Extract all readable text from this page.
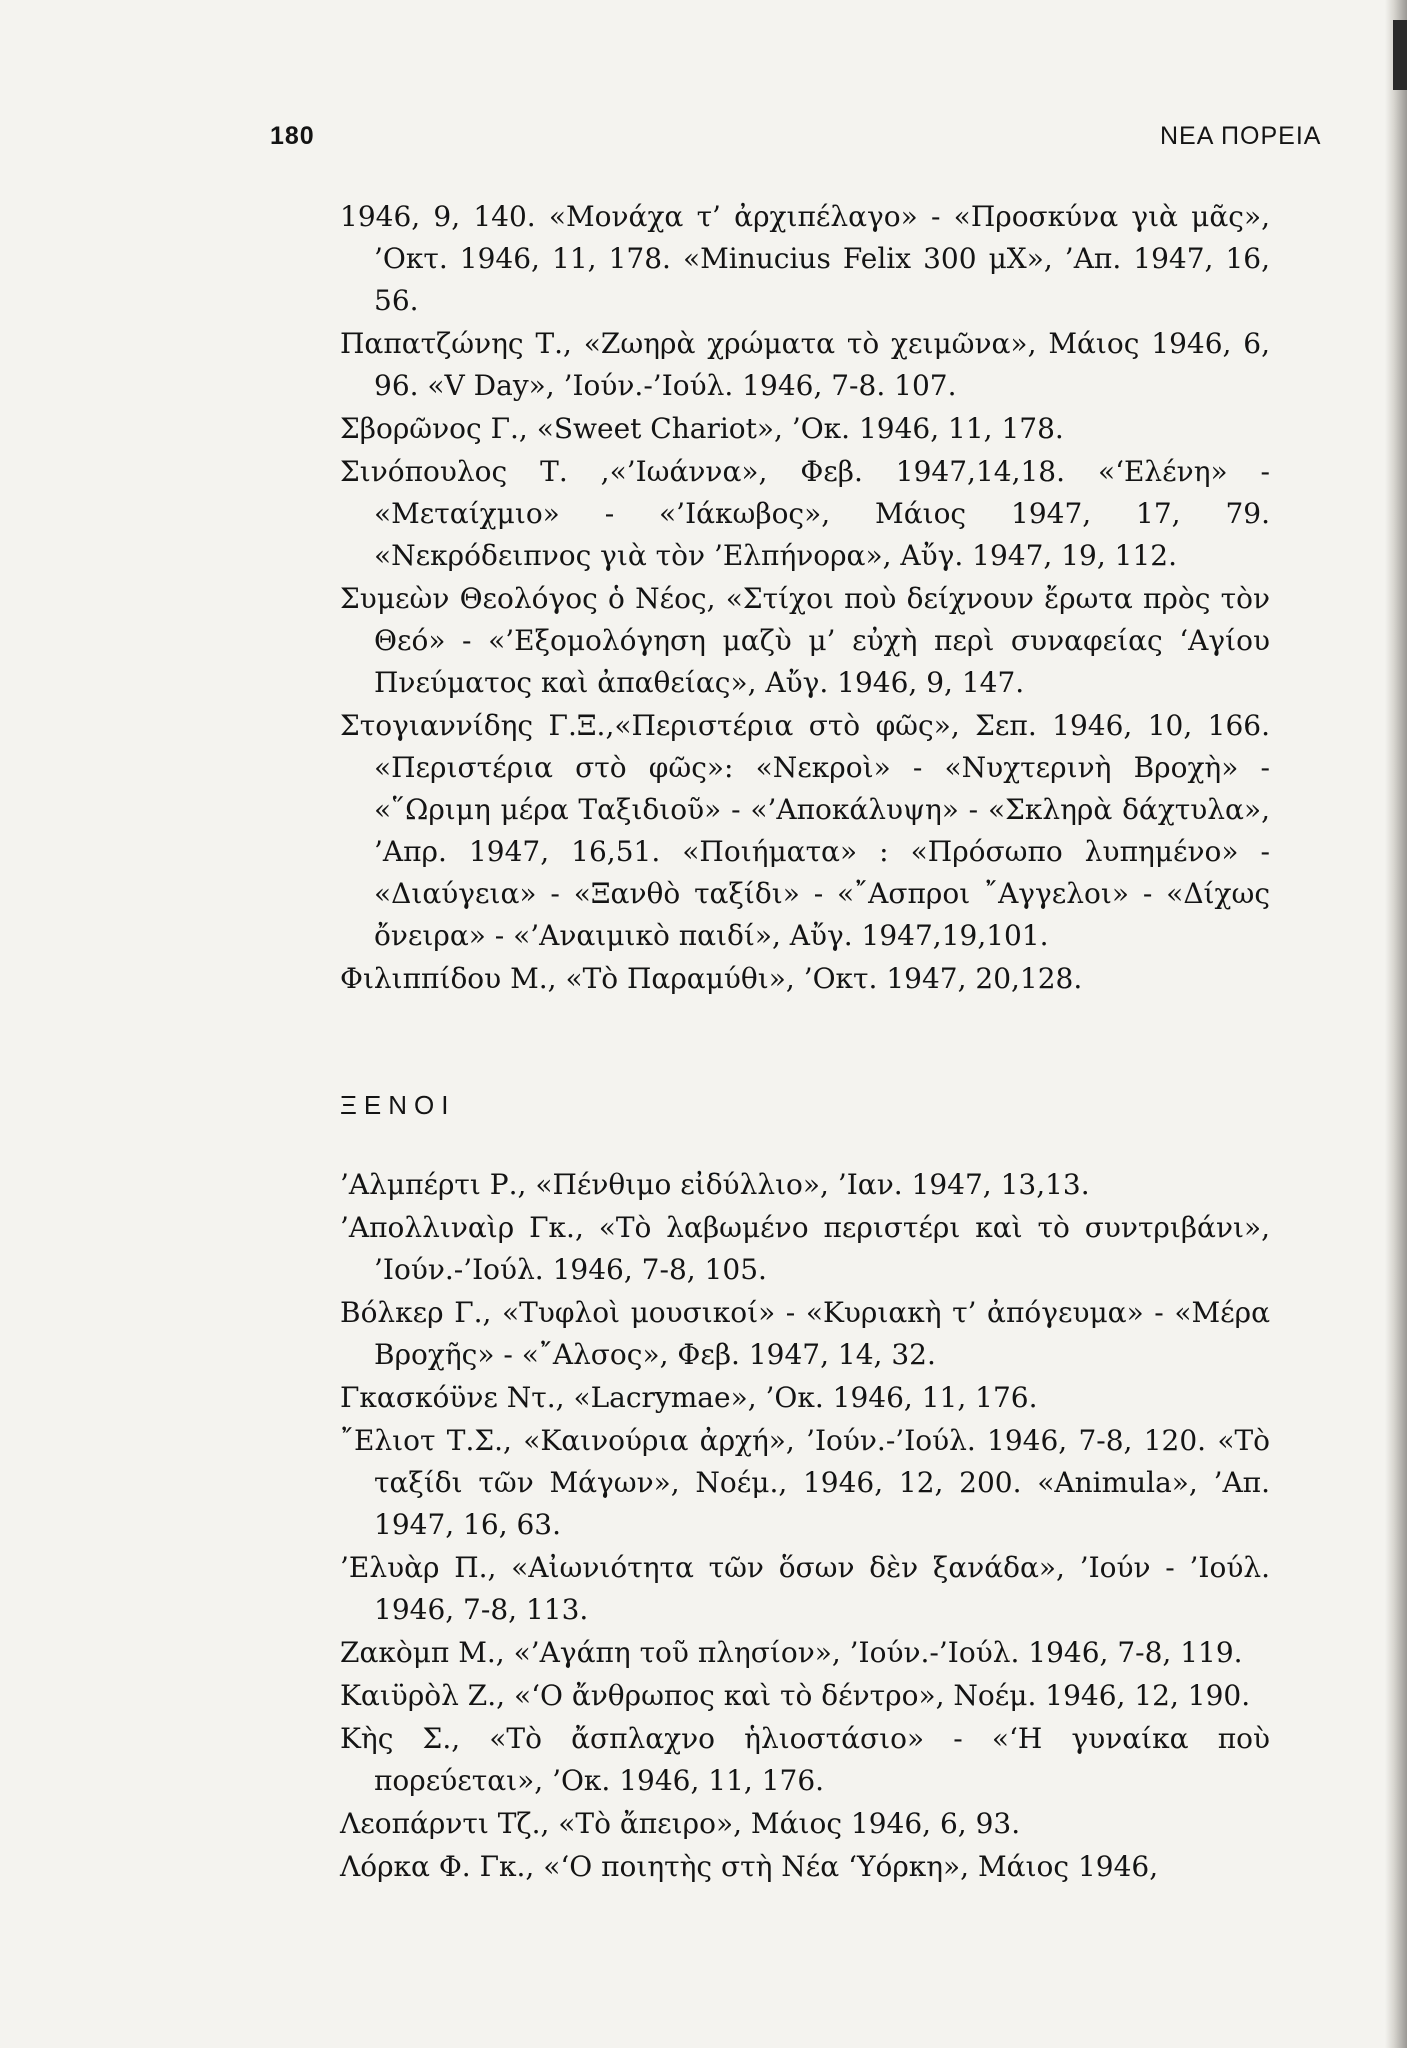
180	ΝΕΑ ΠΟΡΕΙΑ

1946, 9, 140. «Μονάχα τ’ ἀρχιπέλαγο» - «Προσκύνα γιὰ μᾶς», ’Οκτ. 1946, 11, 178. «Minucius Felix 300 μΧ», ’Απ. 1947, 16, 56.

Παπατζώνης Τ., «Ζωηρὰ χρώματα τὸ χειμῶνα», Μάιος 1946, 6, 96. «V Day», ’Ιούν.-’Ιούλ. 1946, 7-8. 107.

Σβορῶνος Γ., «Sweet Chariot», ’Οκ. 1946, 11, 178.

Σινόπουλος Τ. ,«’Ιωάννα», Φεβ. 1947,14,18. «‘Ελένη» - «Μεταίχμιο» - «’Ιάκωβος», Μάιος 1947, 17, 79. «Νεκρόδειπνος γιὰ τὸν ’Ελπήνορα», Αὔγ. 1947, 19, 112.

Συμεὼν Θεολόγος ὁ Νέος, «Στίχοι ποὺ δείχνουν ἔρωτα πρὸς τὸν Θεό» - «’Εξομολόγηση μαζὺ μ’ εὐχὴ περὶ συναφείας ‘Αγίου Πνεύματος καὶ ἀπαθείας», Αὔγ. 1946, 9, 147.

Στογιαννίδης Γ.Ξ.,«Περιστέρια στὸ φῶς», Σεπ. 1946, 10, 166. «Περιστέρια στὸ φῶς»: «Νεκροὶ» - «Νυχτερινὴ Βροχὴ» - «῞Ωριμη μέρα Ταξιδιοῦ» - «’Αποκάλυψη» - «Σκληρὰ δάχτυλα», ’Απρ. 1947, 16,51. «Ποιήματα» : «Πρόσωπο λυπημένο» - «Διαύγεια» - «Ξανθὸ ταξίδι» - «῎Ασπροι ῎Αγγελοι» - «Δίχως ὄνειρα» - «’Αναιμικὸ παιδί», Αὔγ. 1947,19,101.

Φιλιππίδου Μ., «Τὸ Παραμύθι», ’Οκτ. 1947, 20,128.

ΞΕΝΟΙ

’Αλμπέρτι Ρ., «Πένθιμο εἰδύλλιο», ’Ιαν. 1947, 13,13.

’Απολλιναὶρ Γκ., «Τὸ λαβωμένο περιστέρι καὶ τὸ συντριβάνι», ’Ιούν.-’Ιούλ. 1946, 7-8, 105.

Βόλκερ Γ., «Τυφλοὶ μουσικοί» - «Κυριακὴ τ’ ἀπόγευμα» - «Μέρα Βροχῆς» - «῎Αλσος», Φεβ. 1947, 14, 32.

Γκασκόϋνε Ντ., «Lacrymae», ’Οκ. 1946, 11, 176.

῎Ελιοτ Τ.Σ., «Καινούρια ἀρχή», ’Ιούν.-’Ιούλ. 1946, 7-8, 120. «Τὸ ταξίδι τῶν Μάγων», Νοέμ., 1946, 12, 200. «Animula», ’Απ. 1947, 16, 63.

’Ελυὰρ Π., «Αἰωνιότητα τῶν ὅσων δὲν ξανάδα», ’Ιούν - ’Ιούλ. 1946, 7-8, 113.

Ζακὸμπ Μ., «’Αγάπη τοῦ πλησίον», ’Ιούν.-’Ιούλ. 1946, 7-8, 119.

Καιϋρὸλ Ζ., «‘Ο ἄνθρωπος καὶ τὸ δέντρο», Νοέμ. 1946, 12, 190.

Κὴς Σ., «Τὸ ἄσπλαχνο ἡλιοστάσιο» - «‘Η γυναίκα ποὺ πορεύεται», ’Οκ. 1946, 11, 176.

Λεοπάρντι Τζ., «Τὸ ἄπειρο», Μάιος 1946, 6, 93.

Λόρκα Φ. Γκ., «‘Ο ποιητὴς στὴ Νέα ‘Υόρκη», Μάιος 1946,
